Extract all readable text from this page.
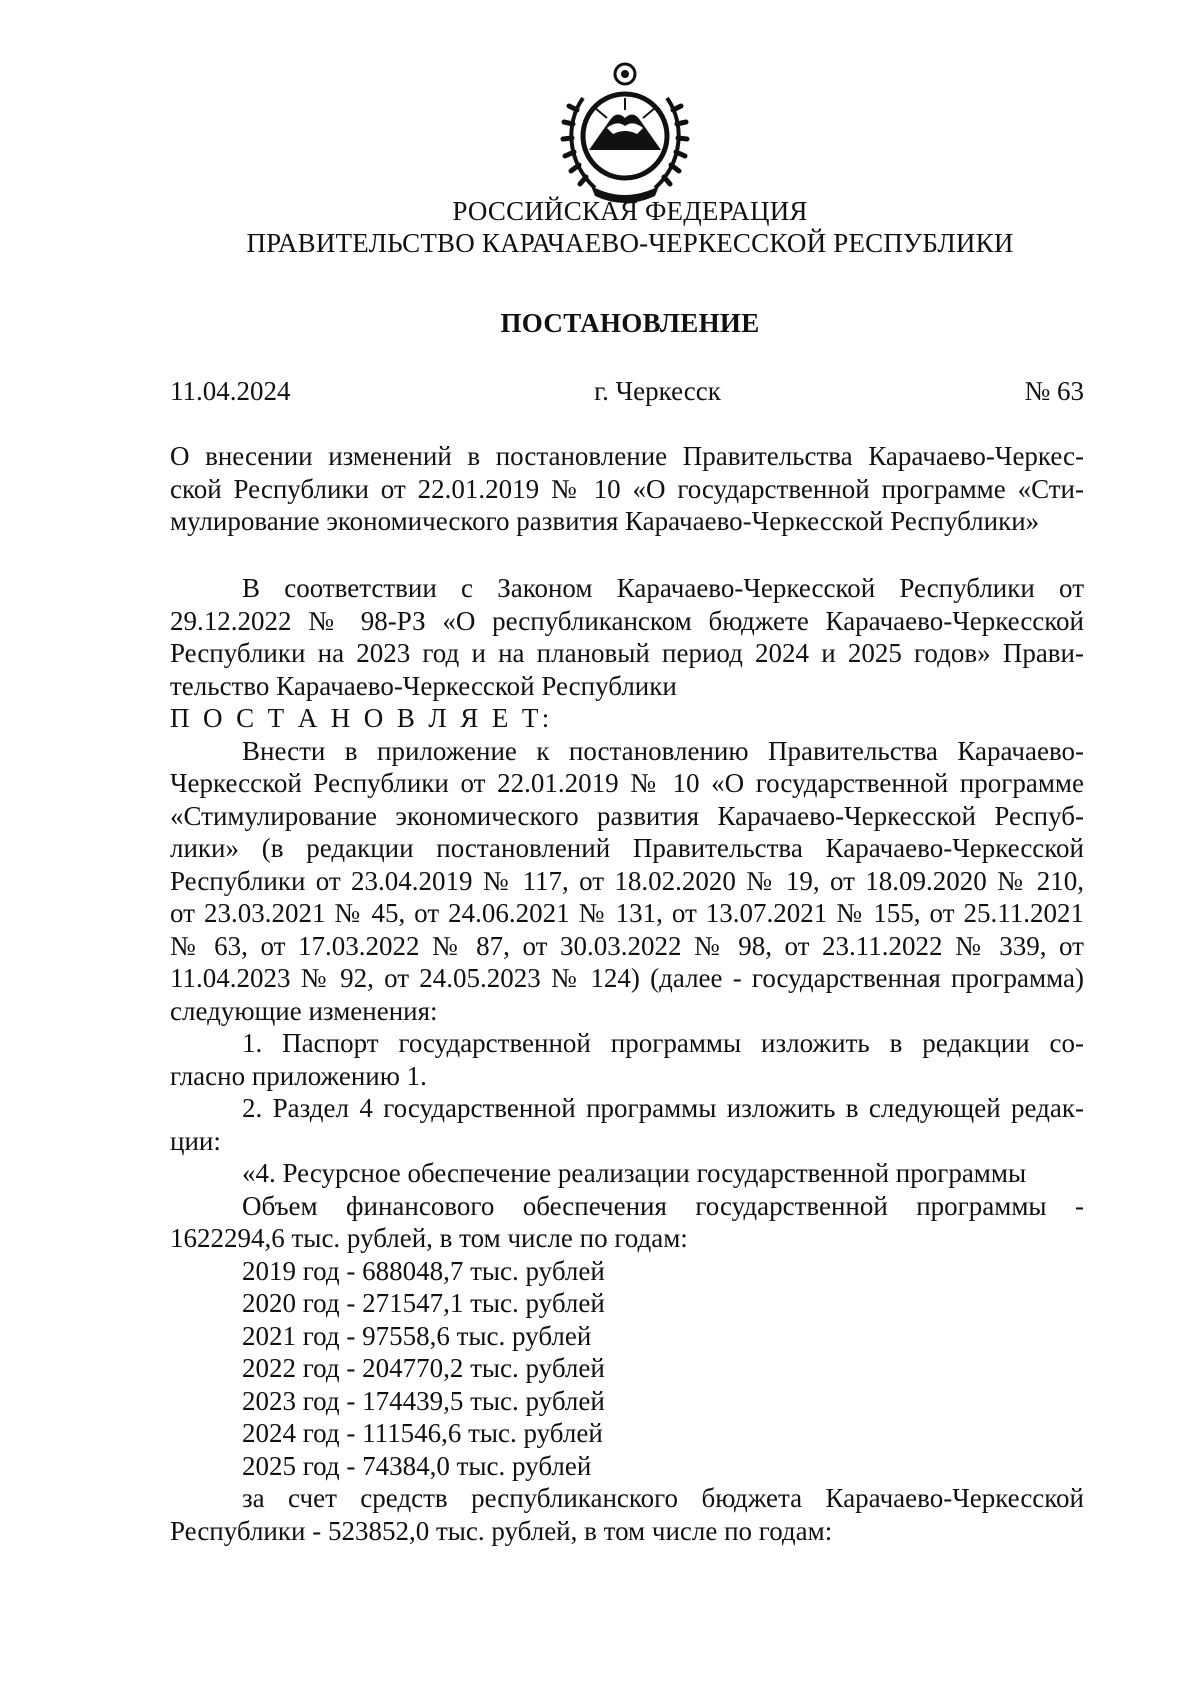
РОССИЙСКАЯ ФЕДЕРАЦИЯ
ПРАВИТЕЛЬСТВО КАРАЧАЕВО-ЧЕРКЕССКОЙ РЕСПУБЛИКИ
ПОСТАНОВЛЕНИЕ
11.04.2024	г. Черкесск	№ 63

О внесении изменений в постановление Правительства Карачаево-Черкес-

ской Республики от 22.01.2019 № 10 «О государственной программе «Сти-

мулирование экономического развития Карачаево-Черкесской Республики»

В соответствии с Законом Карачаево-Черкесской Республики от

29.12.2022 № 98-РЗ «О республиканском бюджете Карачаево-Черкесской

Республики на 2023 год и на плановый период 2024 и 2025 годов» Прави-

тельство Карачаево-Черкесской Республики

П О С Т А Н О В Л Я Е Т:

Внести в приложение к постановлению Правительства Карачаево-

Черкесской Республики от 22.01.2019 № 10 «О государственной программе

«Стимулирование экономического развития Карачаево-Черкесской Респуб-

лики» (в редакции постановлений Правительства Карачаево-Черкесской

Республики от 23.04.2019 № 117, от 18.02.2020 № 19, от 18.09.2020 № 210,

от 23.03.2021 № 45, от 24.06.2021 № 131, от 13.07.2021 № 155, от 25.11.2021

№ 63, от 17.03.2022 № 87, от 30.03.2022 № 98, от 23.11.2022 № 339, от

11.04.2023 № 92, от 24.05.2023 № 124) (далее - государственная программа)

следующие изменения:

1. Паспорт государственной программы изложить в редакции со-

гласно приложению 1.

2. Раздел 4 государственной программы изложить в следующей редак-

ции:

«4. Ресурсное обеспечение реализации государственной программы

Объем финансового обеспечения государственной программы -

1622294,6 тыс. рублей, в том числе по годам:

2019 год - 688048,7 тыс. рублей
2020 год - 271547,1 тыс. рублей
2021 год - 97558,6 тыс. рублей
2022 год - 204770,2 тыс. рублей
2023 год - 174439,5 тыс. рублей
2024 год - 111546,6 тыс. рублей
2025 год - 74384,0 тыс. рублей

за счет средств республиканского бюджета Карачаево-Черкесской

Республики - 523852,0 тыс. рублей, в том числе по годам:
